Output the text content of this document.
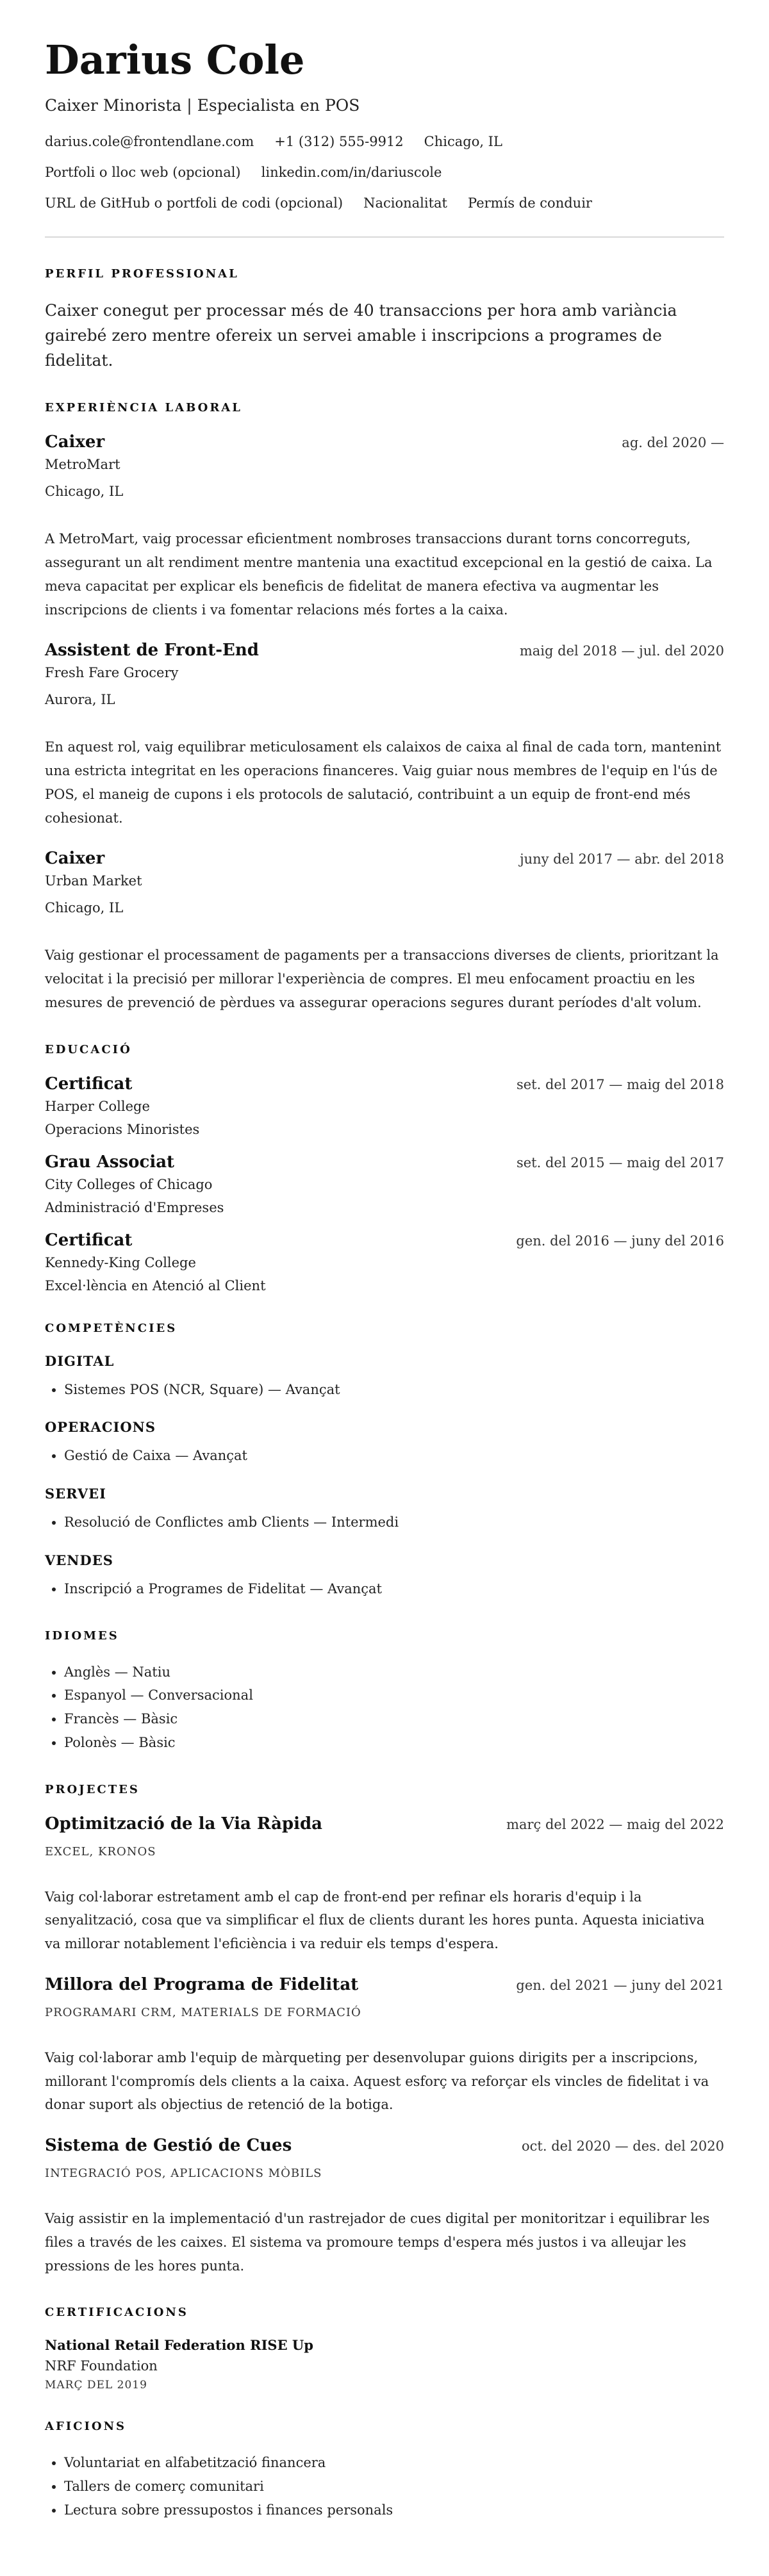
Darius Cole
Caixer Minorista | Especialista en POS
darius.cole@frontendlane.com +1 (312) 555-9912 Chicago, IL
Portfoli o lloc web (opcional) linkedin.com/in/dariuscole
URL de GitHub o portfoli de codi (opcional) Nacionalitat Permís de conduir
PERFIL PROFESSIONAL

Caixer conegut per processar més de 40 transaccions per hora amb variància gairebé zero mentre ofereix un servei amable i inscripcions a programes de fidelitat.

EXPERIÈNCIA LABORAL
Caixer	ag. del 2020 —
MetroMart
Chicago, IL
A MetroMart, vaig processar eficientment nombroses transaccions durant torns concorreguts, assegurant un alt rendiment mentre mantenia una exactitud excepcional en la gestió de caixa. La meva capacitat per explicar els beneficis de fidelitat de manera efectiva va augmentar les inscripcions de clients i va fomentar relacions més fortes a la caixa.
Assistent de Front-End	maig del 2018 — jul. del 2020
Fresh Fare Grocery
Aurora, IL
En aquest rol, vaig equilibrar meticulosament els calaixos de caixa al final de cada torn, mantenint una estricta integritat en les operacions financeres. Vaig guiar nous membres de l'equip en l'ús de POS, el maneig de cupons i els protocols de salutació, contribuint a un equip de front-end més cohesionat.
Caixer	juny del 2017 — abr. del 2018
Urban Market
Chicago, IL
Vaig gestionar el processament de pagaments per a transaccions diverses de clients, prioritzant la velocitat i la precisió per millorar l'experiència de compres. El meu enfocament proactiu en les mesures de prevenció de pèrdues va assegurar operacions segures durant períodes d'alt volum.
EDUCACIÓ
Certificat	set. del 2017 — maig del 2018
Harper College
Operacions Minoristes
Grau Associat	set. del 2015 — maig del 2017
City Colleges of Chicago
Administració d'Empreses
Certificat	gen. del 2016 — juny del 2016
Kennedy-King College
Excel·lència en Atenció al Client
COMPETÈNCIES
DIGITAL
• Sistemes POS (NCR, Square) — Avançat
OPERACIONS
• Gestió de Caixa — Avançat
SERVEI
• Resolució de Conflictes amb Clients — Intermedi
VENDES
• Inscripció a Programes de Fidelitat — Avançat
IDIOMES
• Anglès — Natiu
• Espanyol — Conversacional
• Francès — Bàsic
• Polonès — Bàsic
PROJECTES
Optimització de la Via Ràpida	març del 2022 — maig del 2022
EXCEL, KRONOS
Vaig col·laborar estretament amb el cap de front-end per refinar els horaris d'equip i la senyalització, cosa que va simplificar el flux de clients durant les hores punta. Aquesta iniciativa va millorar notablement l'eficiència i va reduir els temps d'espera.
Millora del Programa de Fidelitat	gen. del 2021 — juny del 2021
PROGRAMARI CRM, MATERIALS DE FORMACIÓ
Vaig col·laborar amb l'equip de màrqueting per desenvolupar guions dirigits per a inscripcions, millorant l'compromís dels clients a la caixa. Aquest esforç va reforçar els vincles de fidelitat i va donar suport als objectius de retenció de la botiga.
Sistema de Gestió de Cues	oct. del 2020 — des. del 2020
INTEGRACIÓ POS, APLICACIONS MÒBILS
Vaig assistir en la implementació d'un rastrejador de cues digital per monitoritzar i equilibrar les files a través de les caixes. El sistema va promoure temps d'espera més justos i va alleujar les pressions de les hores punta.
CERTIFICACIONS
National Retail Federation RISE Up
NRF Foundation
MARÇ DEL 2019
AFICIONS
• Voluntariat en alfabetització financera
• Tallers de comerç comunitari
• Lectura sobre pressupostos i finances personals
